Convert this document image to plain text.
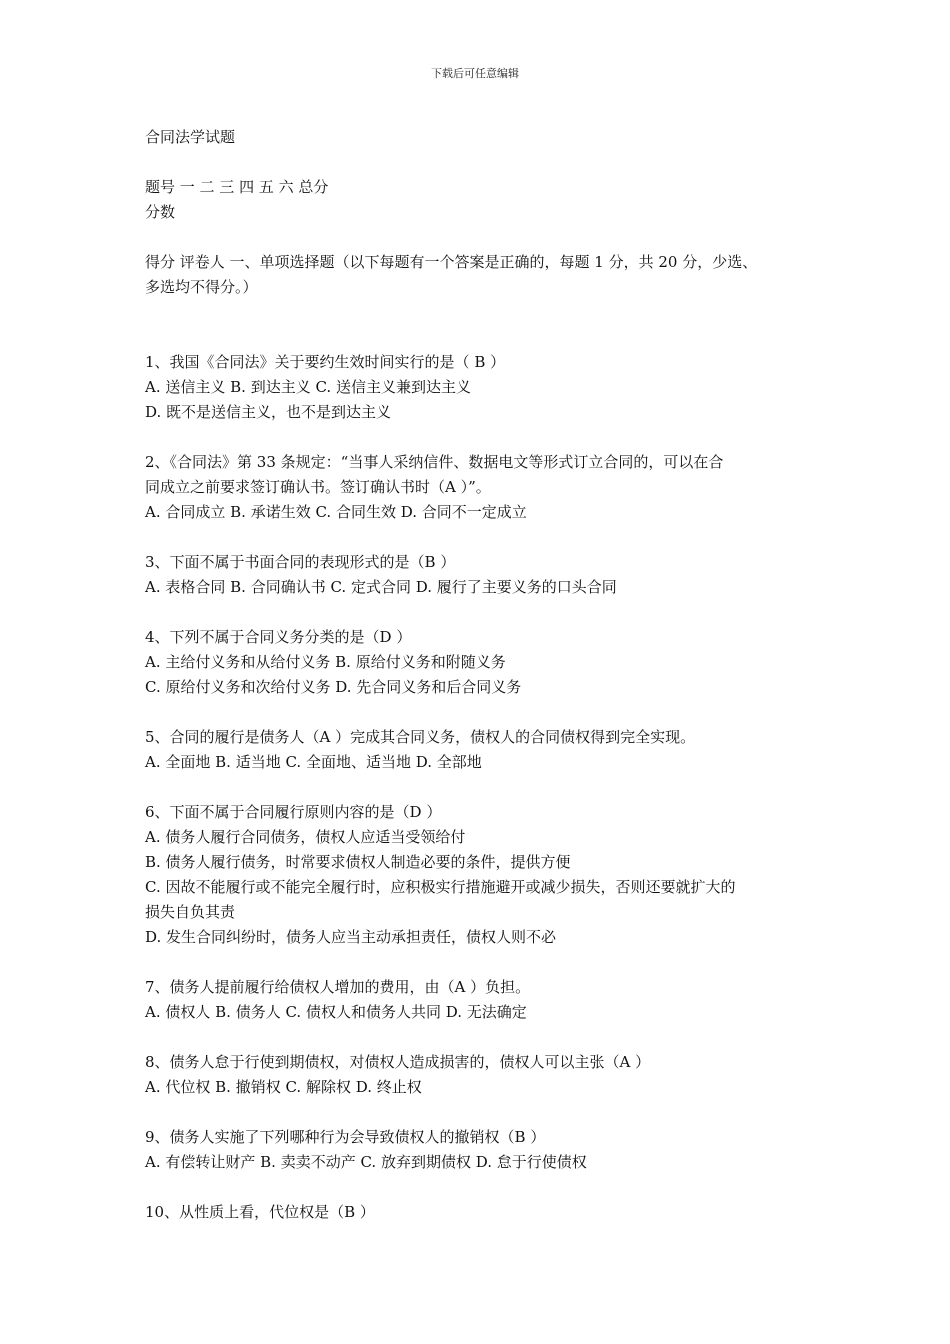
下载后可任意编辑
合同法学试题
题号 一 二 三 四 五 六 总分
分数
得分 评卷人 一、单项选择题（以下每题有一个答案是正确的，每题 1 分，共 20 分，少选、
多选均不得分。）
1、我国《合同法》关于要约生效时间实行的是（ B ）
A. 送信主义 B. 到达主义 C. 送信主义兼到达主义
D. 既不是送信主义，也不是到达主义
2、《合同法》第 33 条规定：“当事人采纳信件、数据电文等形式订立合同的，可以在合
同成立之前要求签订确认书。签订确认书时（A ）”。
A. 合同成立 B. 承诺生效 C. 合同生效 D. 合同不一定成立
3、下面不属于书面合同的表现形式的是（B ）
A. 表格合同 B. 合同确认书 C. 定式合同 D. 履行了主要义务的口头合同
4、下列不属于合同义务分类的是（D ）
A. 主给付义务和从给付义务 B. 原给付义务和附随义务
C. 原给付义务和次给付义务 D. 先合同义务和后合同义务
5、合同的履行是债务人（A ）完成其合同义务，债权人的合同债权得到完全实现。
A. 全面地 B. 适当地 C. 全面地、适当地 D. 全部地
6、下面不属于合同履行原则内容的是（D ）
A. 债务人履行合同债务，债权人应适当受领给付
B. 债务人履行债务，时常要求债权人制造必要的条件，提供方便
C. 因故不能履行或不能完全履行时，应积极实行措施避开或减少损失，否则还要就扩大的
损失自负其责
D. 发生合同纠纷时，债务人应当主动承担责任，债权人则不必
7、债务人提前履行给债权人增加的费用，由（A ）负担。
A. 债权人 B. 债务人 C. 债权人和债务人共同 D. 无法确定
8、债务人怠于行使到期债权，对债权人造成损害的，债权人可以主张（A ）
A. 代位权 B. 撤销权 C. 解除权 D. 终止权
9、债务人实施了下列哪种行为会导致债权人的撤销权（B ）
A. 有偿转让财产 B. 卖卖不动产 C. 放弃到期债权 D. 怠于行使债权
10、从性质上看，代位权是（B ）
